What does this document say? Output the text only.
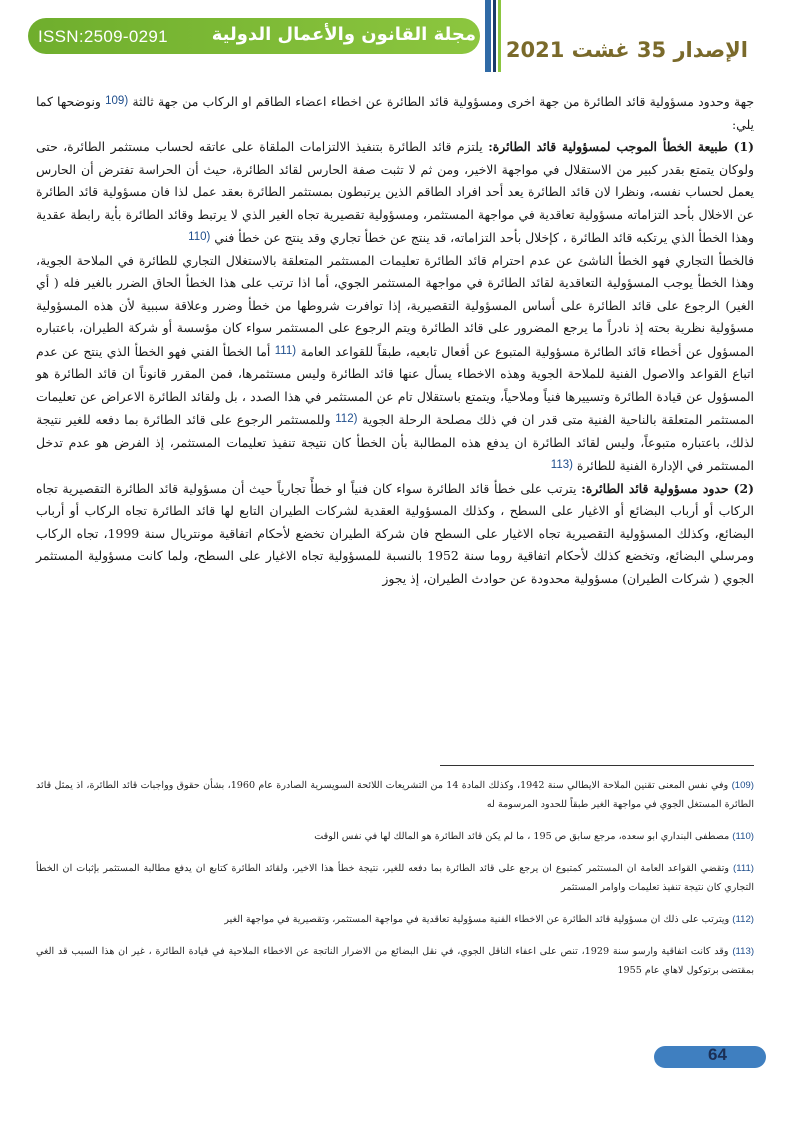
ISSN:2509-0291 مجلة القانون والأعمال الدولية
الإصدار 35 غشت 2021

جهة وحدود مسؤولية قائد الطائرة من جهة اخرى ومسؤولية قائد الطائرة عن اخطاء اعضاء الطاقم او الركاب من جهة ثالثة (109 ونوضحها كما يلي:

(1) طبيعة الخطأ الموجب لمسؤولية قائد الطائرة: يلتزم قائد الطائرة بتنفيذ الالتزامات الملقاة على عاتقه لحساب مستثمر الطائرة، حتى ولوكان يتمتع بقدر كبير من الاستقلال في مواجهة الاخير، ومن ثم لا تثبت صفة الحارس لقائد الطائرة، حيث أن الحراسة تفترض أن الحارس يعمل لحساب نفسه، ونظرا لان قائد الطائرة يعد أحد افراد الطاقم الذين يرتبطون بمستثمر الطائرة بعقد عمل لذا فان مسؤولية قائد الطائرة عن الاخلال بأحد التزاماته مسؤولية تعاقدية في مواجهة المستثمر، ومسؤولية تقصيرية تجاه الغير الذي لا يرتبط وقائد الطائرة بأية رابطة عقدية وهذا الخطأ الذي يرتكبه قائد الطائرة ، كإخلال بأحد التزاماته، قد ينتج عن خطأ تجاري وقد ينتج عن خطأ فني (110

فالخطأ التجاري فهو الخطأ الناشئ عن عدم احترام قائد الطائرة تعليمات المستثمر المتعلقة بالاستغلال التجاري للطائرة في الملاحة الجوية، وهذا الخطأ يوجب المسؤولية التعاقدية لقائد الطائرة في مواجهة المستثمر الجوي، أما اذا ترتب على هذا الخطأ الحاق الضرر بالغير فله ( أي الغير) الرجوع على قائد الطائرة على أساس المسؤولية التقصيرية، إذا توافرت شروطها من خطأ وضرر وعلاقة سببية لأن هذه المسؤولية مسؤولية نظرية بحته إذ نادراً ما يرجع المضرور على قائد الطائرة ويتم الرجوع على المستثمر سواء كان مؤسسة أو شركة الطيران، باعتباره المسؤول عن أخطاء قائد الطائرة مسؤولية المتبوع عن أفعال تابعيه، طبقاً للقواعد العامة (111 أما الخطأ الفني فهو الخطأ الذي ينتج عن عدم اتباع القواعد والاصول الفنية للملاحة الجوية وهذه الاخطاء يسأل عنها قائد الطائرة وليس مستثمرها، فمن المقرر قانوناً ان قائد الطائرة هو المسؤول عن قيادة الطائرة وتسييرها فنياً وملاحياً، ويتمتع باستقلال تام عن المستثمر في هذا الصدد ، بل ولقائد الطائرة الاعراض عن تعليمات المستثمر المتعلقة بالناحية الفنية متى قدر ان في ذلك مصلحة الرحلة الجوية (112 وللمستثمر الرجوع على قائد الطائرة بما دفعه للغير نتيجة لذلك، باعتباره متبوعاً، وليس لقائد الطائرة ان يدفع هذه المطالبة بأن الخطأ كان نتيجة تنفيذ تعليمات المستثمر، إذ الفرض هو عدم تدخل المستثمر في الإدارة الفنية للطائرة (113

(2) حدود مسؤولية قائد الطائرة: يترتب على خطأ قائد الطائرة سواء كان فنياً او خطأً تجارياً حيث أن مسؤولية قائد الطائرة التقصيرية تجاه الركاب أو أرباب البضائع أو الاغيار على السطح ، وكذلك المسؤولية العقدية لشركات الطيران التابع لها قائد الطائرة تجاه الركاب أو أرباب البضائع، وكذلك المسؤولية التقصيرية تجاه الاغيار على السطح فان شركة الطيران تخضع لأحكام اتفاقية مونتريال سنة 1999، تجاه الركاب ومرسلي البضائع، وتخضع كذلك لأحكام اتفاقية روما سنة 1952 بالنسبة للمسؤولية تجاه الاغيار على السطح، ولما كانت مسؤولية المستثمر الجوي ( شركات الطيران) مسؤولية محدودة عن حوادث الطيران، إذ يجوز

(109) وفي نفس المعنى تقنين الملاحة الايطالي سنة 1942، وكذلك المادة 14 من التشريعات اللائحة السويسرية الصادرة عام 1960، بشأن حقوق وواجبات قائد الطائرة، اذ يمثل قائد الطائرة المستغل الجوي في مواجهة الغير طبقاً للحدود المرسومة له

(110) مصطفى البنداري ابو سعده، مرجع سابق ص 195 ، ما لم يكن قائد الطائرة هو المالك لها في نفس الوقت

(111) وتقضي القواعد العامة ان المستثمر كمتبوع ان يرجع على قائد الطائرة بما دفعه للغير، نتيجة خطأ هذا الاخير، ولقائد الطائرة كتابع ان يدفع مطالبة المستثمر بإثبات ان الخطأ التجاري كان نتيجة تنفيذ تعليمات واوامر المستثمر

(112) ويترتب على ذلك ان مسؤولية قائد الطائرة عن الاخطاء الفنية مسؤولية تعاقدية في مواجهة المستثمر، وتقصيرية في مواجهة الغير

(113) وقد كانت اتفاقية وارسو سنة 1929، تنص على اعفاء الناقل الجوي، في نقل البضائع من الاضرار الناتجة عن الاخطاء الملاحية في قيادة الطائرة ، غير ان هذا السبب قد الغي بمقتضى برتوكول لاهاي عام 1955

64
